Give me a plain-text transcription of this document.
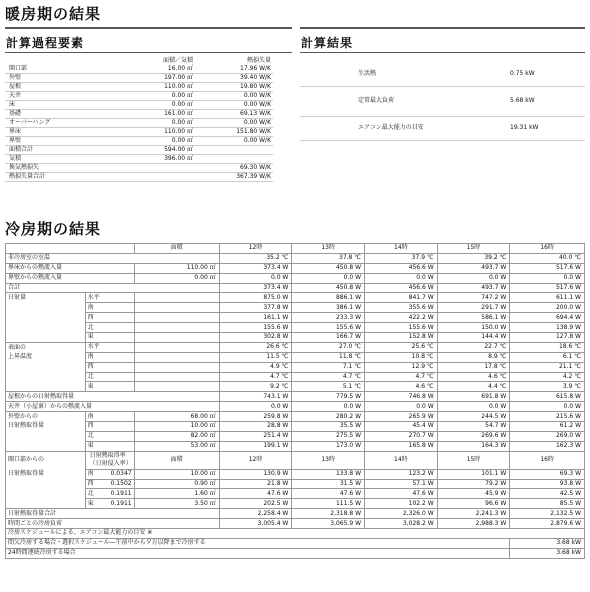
暖房期の結果
計算過程要素	計算結果
	面積／気積	熱損失量
開口部	16.00 ㎡	17.96 W/K
外壁	197.00 ㎡	39.40 W/K
屋根	110.00 ㎡	19.80 W/K
天井	0.00 ㎡	0.00 W/K
床	0.00 ㎡	0.00 W/K
基礎	161.00 ㎡	69.13 W/K
オーバーハング	0.00 ㎡	0.00 W/K
界床	110.00 ㎡	151.80 W/K
界壁	0.00 ㎡	0.00 W/K
面積合計	594.00 ㎡	
気積	396.00 ㎥	
換気熱損失		69.30 W/K
熱損失量合計		367.39 W/K
生活熱	0.75 kW
定常最大負荷	5.68 kW
エアコン最大能力の目安	19.31 kW
冷房期の結果
		面積	12時	13時	14時	15時	16時
非冷房室の室温			35.2 ℃	37.8 ℃	37.9 ℃	39.2 ℃	40.0 ℃
界床からの熱流入量		110.00 ㎡	373.4 W	450.8 W	456.6 W	493.7 W	517.6 W
界壁からの熱流入量		0.00 ㎡	0.0 W	0.0 W	0.0 W	0.0 W	0.0 W
合計			373.4 W	450.8 W	456.6 W	493.7 W	517.6 W
日射量	水平		875.0 W	886.1 W	841.7 W	747.2 W	611.1 W
	南		377.8 W	386.1 W	355.6 W	291.7 W	200.0 W
	西		161.1 W	233.3 W	422.2 W	586.1 W	694.4 W
	北		155.6 W	155.6 W	155.6 W	150.0 W	138.9 W
	東		302.8 W	166.7 W	152.8 W	144.4 W	127.8 W
表面の	水平		26.6 ℃	27.0 ℃	25.6 ℃	22.7 ℃	18.6 ℃
上昇温度	南		11.5 ℃	11.8 ℃	10.8 ℃	8.9 ℃	6.1 ℃
	西		4.9 ℃	7.1 ℃	12.9 ℃	17.8 ℃	21.1 ℃
	北		4.7 ℃	4.7 ℃	4.7 ℃	4.6 ℃	4.2 ℃
	東		9.2 ℃	5.1 ℃	4.6 ℃	4.4 ℃	3.9 ℃
屋根からの日射熱取得量			743.1 W	779.5 W	746.8 W	691.8 W	615.8 W
天井（小屋裏）からの熱流入量			0.0 W	0.0 W	0.0 W	0.0 W	0.0 W
外壁からの	南	68.00 ㎡	259.8 W	280.2 W	265.9 W	244.5 W	215.6 W
日射熱取得量	西	10.00 ㎡	28.8 W	35.5 W	45.4 W	54.7 W	61.2 W
	北	82.00 ㎡	251.4 W	275.5 W	270.7 W	269.6 W	269.0 W
	東	53.00 ㎡	199.1 W	173.0 W	165.8 W	164.3 W	162.3 W
開口部からの	日射熱取得率
（日射侵入率）	面積	12時	13時	14時	15時	16時
日射熱取得量	南 0.0347	10.00 ㎡	130.9 W	133.8 W	123.2 W	101.1 W	69.3 W

	西 0.1502	0.90 ㎡	21.8 W	31.5 W	57.1 W	79.2 W	93.8 W

	北 0.1911	1.60 ㎡	47.6 W	47.6 W	47.6 W	45.9 W	42.5 W

	東 0.1911	3.50 ㎡	202.5 W	111.5 W	102.2 W	96.6 W	85.5 W
日射熱取得量合計			2,258.4 W	2,318.8 W	2,326.0 W	2,241.3 W	2,132.5 W
時間ごとの冷房負荷			3,005.4 W	3,065.9 W	3,028.2 W	2,988.3 W	2,879.6 W
冷房スケジュールによる、エアコン最大能力の目安 ※							
間欠冷房する場合・選択スケジュール―午前中から夕方以降まで冷房する							3.68 kW
24時間連続冷房する場合							3.68 kW
